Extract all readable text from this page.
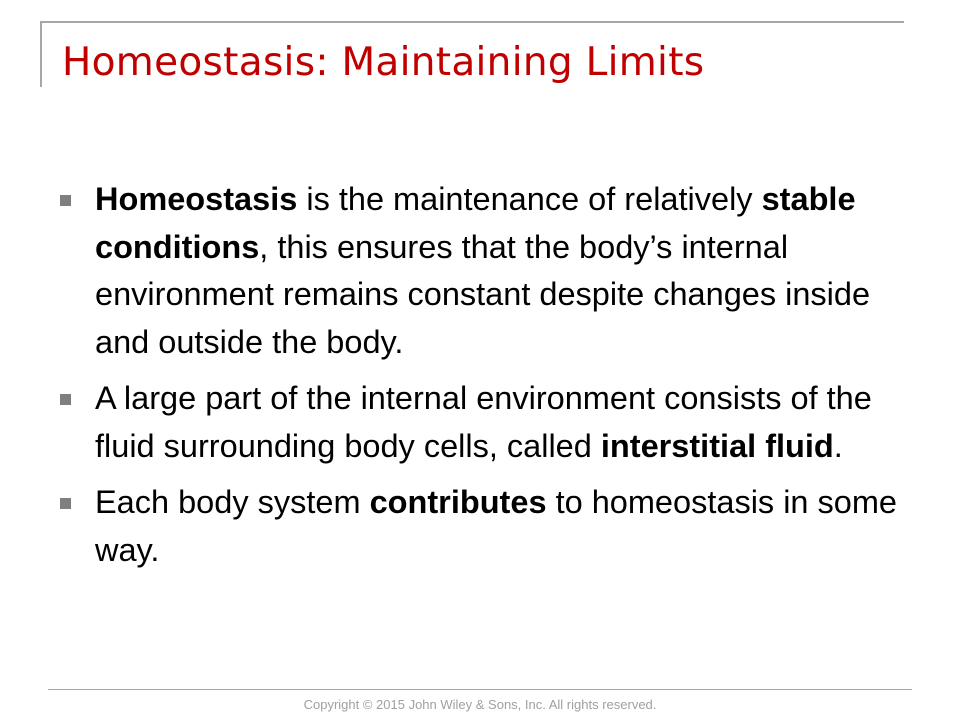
Homeostasis: Maintaining Limits
Homeostasis is the maintenance of relatively stable conditions, this ensures that the body’s internal environment remains constant despite changes inside and outside the body.
A large part of the internal environment consists of the fluid surrounding body cells, called interstitial fluid.
Each body system contributes to homeostasis in some way.
Copyright © 2015 John Wiley & Sons, Inc. All rights reserved.
